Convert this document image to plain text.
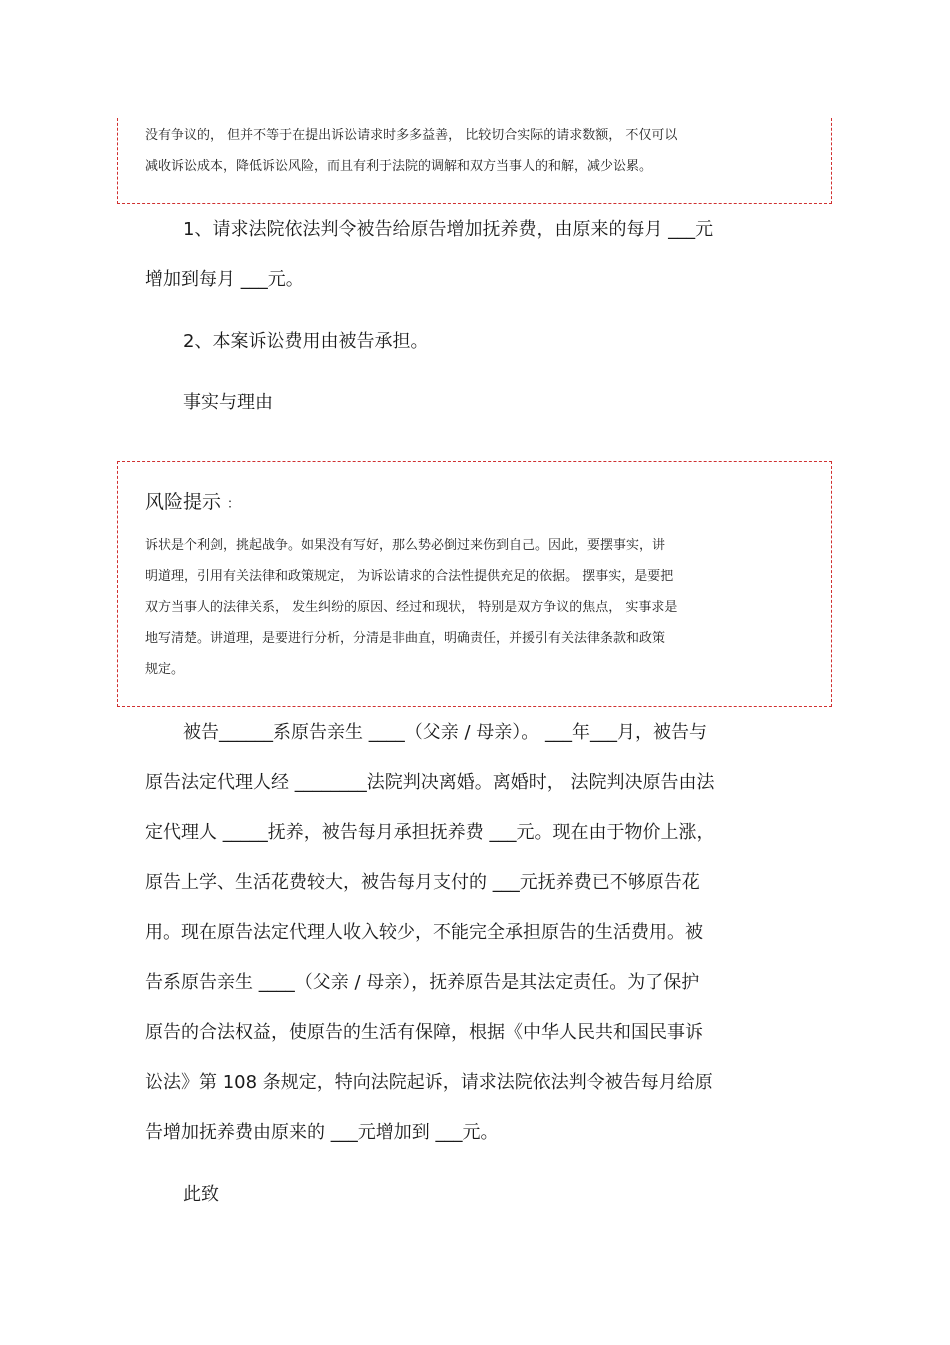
没有争议的， 但并不等于在提出诉讼请求时多多益善， 比较切合实际的请求数额， 不仅可以
减收诉讼成本，降低诉讼风险，而且有利于法院的调解和双方当事人的和解，减少讼累。
1、请求法院依法判令被告给原告增加抚养费，由原来的每月 ___元
增加到每月 ___元。
2、本案诉讼费用由被告承担。
事实与理由
风险提示 ：
诉状是个利剑，挑起战争。如果没有写好，那么势必倒过来伤到自己。因此，要摆事实，讲
明道理，引用有关法律和政策规定， 为诉讼请求的合法性提供充足的依据。 摆事实，是要把
双方当事人的法律关系， 发生纠纷的原因、经过和现状， 特别是双方争议的焦点， 实事求是
地写清楚。讲道理，是要进行分析，分清是非曲直，明确责任，并援引有关法律条款和政策
规定。
被告______系原告亲生 ____（父亲 / 母亲）。 ___年___月，被告与
原告法定代理人经 ________法院判决离婚。离婚时， 法院判决原告由法
定代理人 _____抚养，被告每月承担抚养费 ___元。现在由于物价上涨，
原告上学、生活花费较大，被告每月支付的 ___元抚养费已不够原告花
用。现在原告法定代理人收入较少，不能完全承担原告的生活费用。被
告系原告亲生 ____（父亲 / 母亲），抚养原告是其法定责任。为了保护
原告的合法权益，使原告的生活有保障，根据《中华人民共和国民事诉
讼法》第 108 条规定，特向法院起诉，请求法院依法判令被告每月给原
告增加抚养费由原来的 ___元增加到 ___元。
此致
